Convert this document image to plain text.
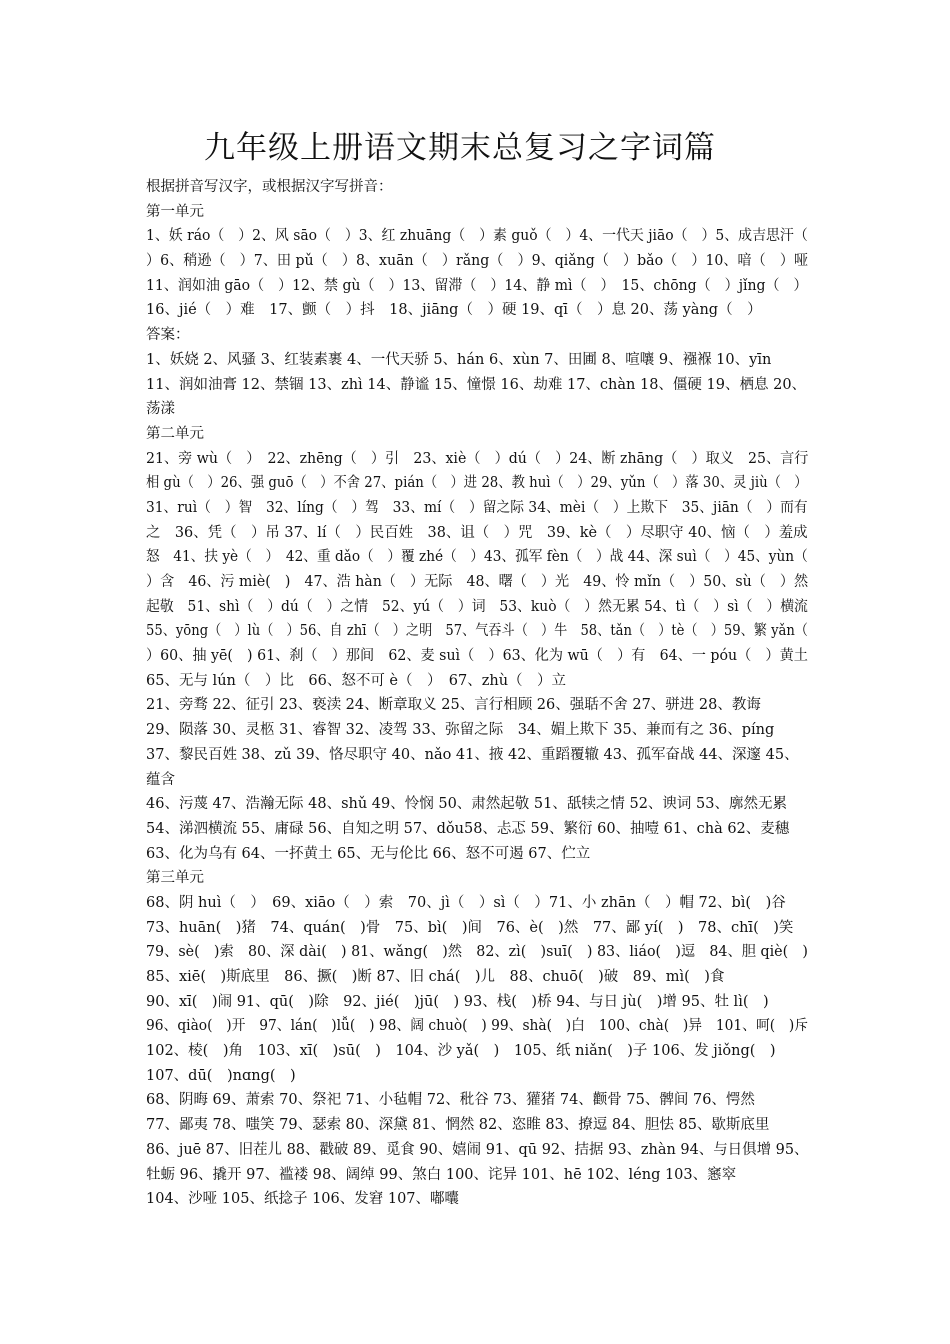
九年级上册语文期末总复习之字词篇
根据拼音写汉字，或根据汉字写拼音：
第一单元
1、妖 ráo（　）2、风 sāo（　）3、红 zhuāng（　）素 guǒ（　）4、一代天 jiāo（　）5、成吉思汗（
）6、稍逊（　）7、田 pǔ（　）8、xuān（　）rǎng（　）9、qiǎng（　）bǎo（　）10、喑（　）哑
11、润如油 gāo（　）12、禁 gù（　）13、留滞（　）14、静 mì（　）　15、chōng（　）jǐng（　）
16、jié（　）难　17、颤（　）抖　18、jiāng（　）硬 19、qī（　）息 20、荡 yàng（　）
答案：
1、妖娆 2、风骚 3、红装素裹 4、一代天骄 5、hán 6、xùn 7、田圃 8、喧嚷 9、襁褓 10、yīn
11、润如油膏 12、禁锢 13、zhì 14、静谧 15、憧憬 16、劫难 17、chàn 18、僵硬 19、栖息 20、
荡漾
第二单元
21、旁 wù（　）　22、zhēng（　）引　23、xiè（　）dú（　）24、断 zhāng（　）取义　25、言行
相 gù（　）26、强 guō（　）不舍 27、pián（　）进 28、教 huì（　）29、yǔn（　）落 30、灵 jiù（　）
31、ruì（　）智　32、líng（　）驾　33、mí（　）留之际 34、mèi（　）上欺下　35、jiān（　）而有
之　36、凭（　）吊 37、lí（　）民百姓　38、诅（　）咒　39、kè（　）尽职守 40、恼（　）羞成
怒　41、扶 yè（　）　42、重 dǎo（　）覆 zhé（　）43、孤军 fèn（　）战 44、深 suì（　）45、yùn（
）含　46、污 miè(　)　47、浩 hàn（　）无际　48、曙（　）光　49、怜 mǐn（　）50、sù（　）然
起敬　51、shì（　）dú（　）之情　52、yú（　）词　53、kuò（　）然无累 54、tì（　）sì（　）横流
55、yōng（　）lù（　）56、自 zhī（　）之明　57、气吞斗（　）牛　58、tǎn（　）tè（　）59、繁 yǎn（
）60、抽 yē(　) 61、刹（　）那间　62、麦 suì（　）63、化为 wū（　）有　64、一 póu（　）黄土
65、无与 lún（　）比　66、怒不可 è（　）　67、zhù（　）立
21、旁骛 22、征引 23、亵渎 24、断章取义 25、言行相顾 26、强聒不舍 27、骈进 28、教诲
29、陨落 30、灵柩 31、睿智 32、凌驾 33、弥留之际　34、媚上欺下 35、兼而有之 36、píng
37、黎民百姓 38、zǔ 39、恪尽职守 40、nǎo 41、掖 42、重蹈覆辙 43、孤军奋战 44、深邃 45、
蕴含
46、污蔑 47、浩瀚无际 48、shǔ 49、怜悯 50、肃然起敬 51、舐犊之情 52、谀词 53、廓然无累
54、涕泗横流 55、庸碌 56、自知之明 57、dǒu58、忐忑 59、繁衍 60、抽噎 61、chà 62、麦穗
63、化为乌有 64、一抔黄土 65、无与伦比 66、怒不可遏 67、伫立
第三单元
68、阴 huì（　）　69、xiāo（　）索　70、jì（　）sì（　）71、小 zhān（　）帽 72、bì(　)谷
73、huān(　)猪　74、quán(　)骨　75、bì(　)间　76、è(　)然　77、鄙 yí(　)　78、chī(　)笑
79、sè(　)索　80、深 dài(　) 81、wǎng(　)然　82、zì(　)suī(　) 83、liáo(　)逗　84、胆 qiè(　)
85、xiē(　)斯底里　86、撅(　)断 87、旧 chá(　)儿　88、chuō(　)破　89、mì(　)食
90、xī(　)闹 91、qū(　)除　92、jié(　)jū(　) 93、栈(　)桥 94、与日 jù(　)增 95、牡 lì(　)
96、qiào(　)开　97、lán(　)lǚ(　) 98、阔 chuò(　) 99、shà(　)白　100、chà(　)异　101、呵(　)斥
102、棱(　)角　103、xī(　)sū(　)　104、沙 yǎ(　)　105、纸 niǎn(　)子 106、发 jiǒng(　)
107、dū(　)nɑng(　)
68、阴晦 69、萧索 70、祭祀 71、小毡帽 72、秕谷 73、獾猪 74、颧骨 75、髀间 76、愕然
77、鄙夷 78、嗤笑 79、瑟索 80、深黛 81、惘然 82、恣睢 83、撩逗 84、胆怯 85、歇斯底里
86、juē 87、旧茬儿 88、戳破 89、觅食 90、嬉闹 91、qū 92、拮据 93、zhàn 94、与日俱增 95、
牡蛎 96、撬开 97、褴褛 98、阔绰 99、煞白 100、诧异 101、hē 102、léng 103、窸窣
104、沙哑 105、纸捻子 106、发窘 107、嘟囔
